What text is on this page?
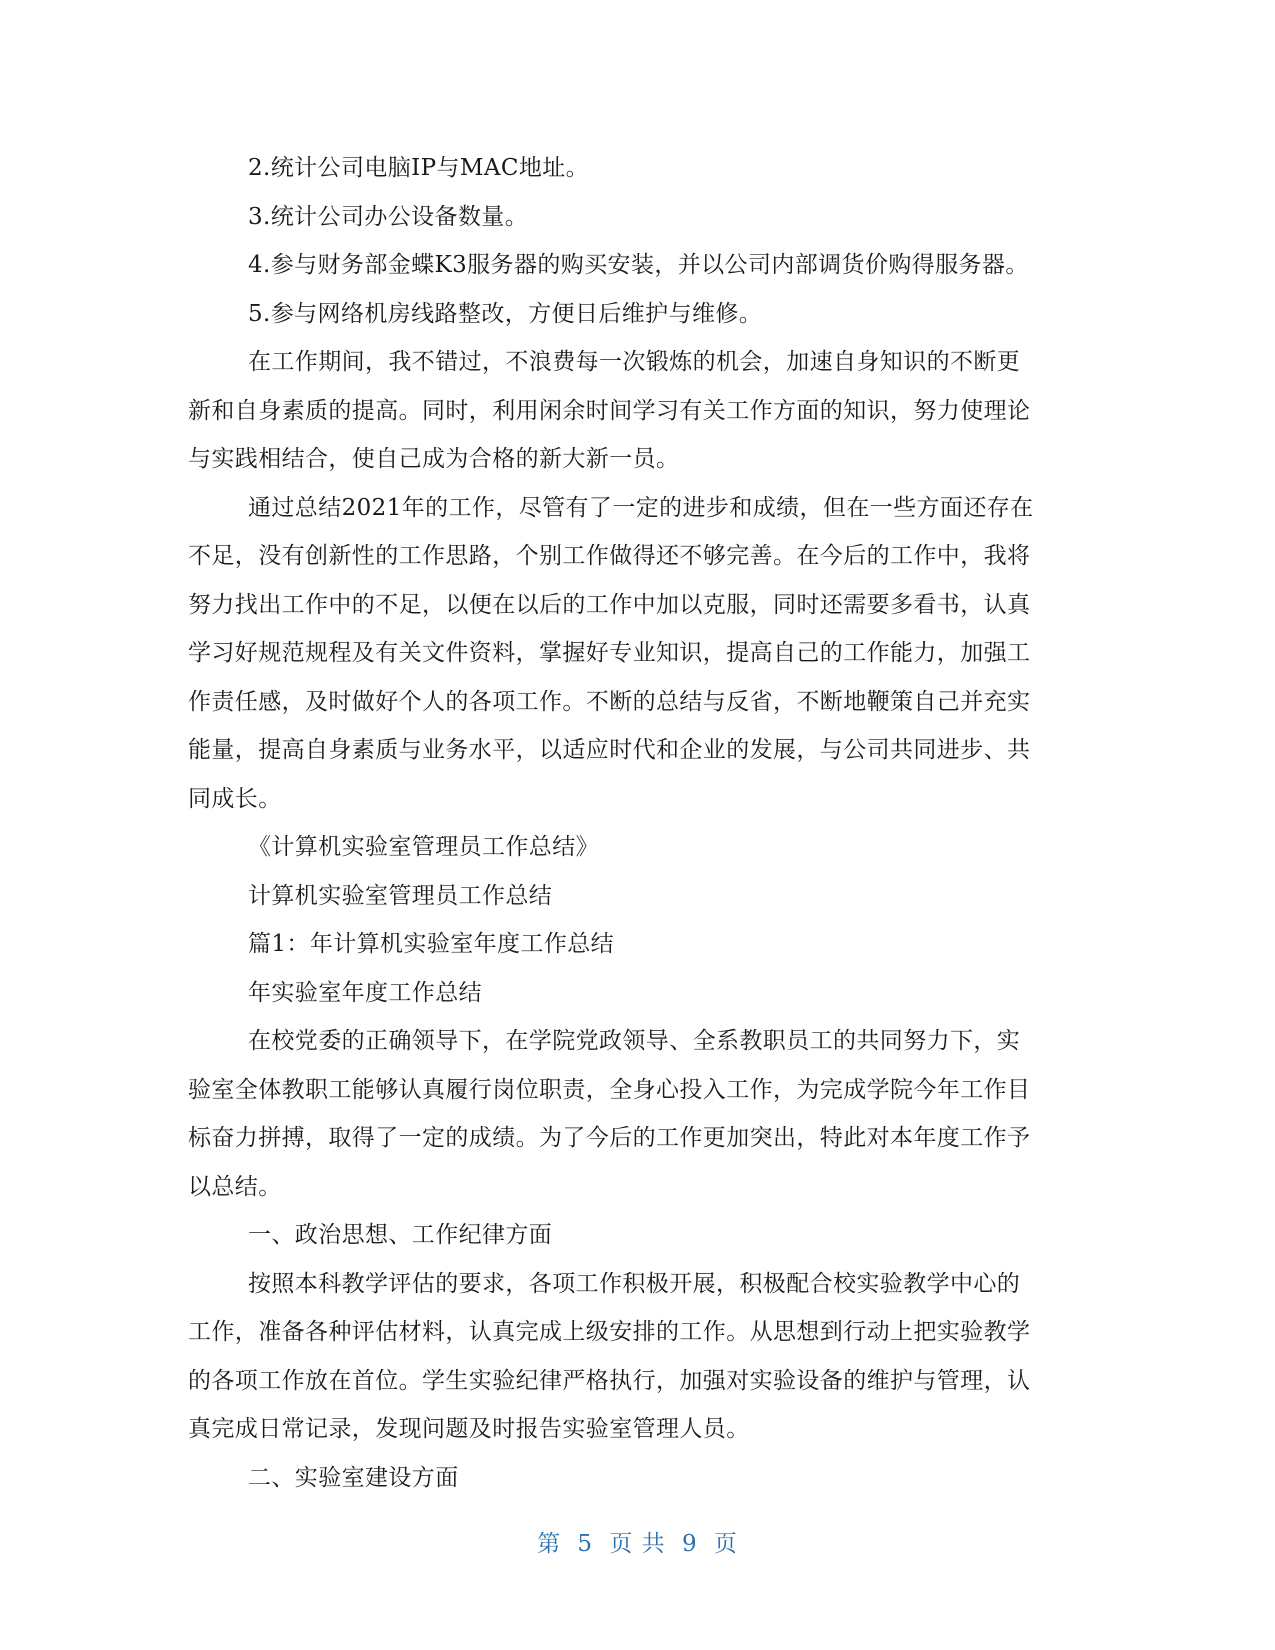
2.统计公司电脑IP与MAC地址。
3.统计公司办公设备数量。
4.参与财务部金蝶K3服务器的购买安装，并以公司内部调货价购得服务器。
5.参与网络机房线路整改，方便日后维护与维修。
在工作期间，我不错过，不浪费每一次锻炼的机会，加速自身知识的不断更
新和自身素质的提高。同时，利用闲余时间学习有关工作方面的知识，努力使理论
与实践相结合，使自己成为合格的新大新一员。
通过总结2021年的工作，尽管有了一定的进步和成绩，但在一些方面还存在
不足，没有创新性的工作思路，个别工作做得还不够完善。在今后的工作中，我将
努力找出工作中的不足，以便在以后的工作中加以克服，同时还需要多看书，认真
学习好规范规程及有关文件资料，掌握好专业知识，提高自己的工作能力，加强工
作责任感，及时做好个人的各项工作。不断的总结与反省，不断地鞭策自己并充实
能量，提高自身素质与业务水平，以适应时代和企业的发展，与公司共同进步、共
同成长。
《计算机实验室管理员工作总结》
计算机实验室管理员工作总结
篇1：年计算机实验室年度工作总结
年实验室年度工作总结
在校党委的正确领导下，在学院党政领导、全系教职员工的共同努力下，实
验室全体教职工能够认真履行岗位职责，全身心投入工作，为完成学院今年工作目
标奋力拼搏，取得了一定的成绩。为了今后的工作更加突出，特此对本年度工作予
以总结。
一、政治思想、工作纪律方面
按照本科教学评估的要求，各项工作积极开展，积极配合校实验教学中心的
工作，准备各种评估材料，认真完成上级安排的工作。从思想到行动上把实验教学
的各项工作放在首位。学生实验纪律严格执行，加强对实验设备的维护与管理，认
真完成日常记录，发现问题及时报告实验室管理人员。
二、实验室建设方面
第 5 页 共 9 页
